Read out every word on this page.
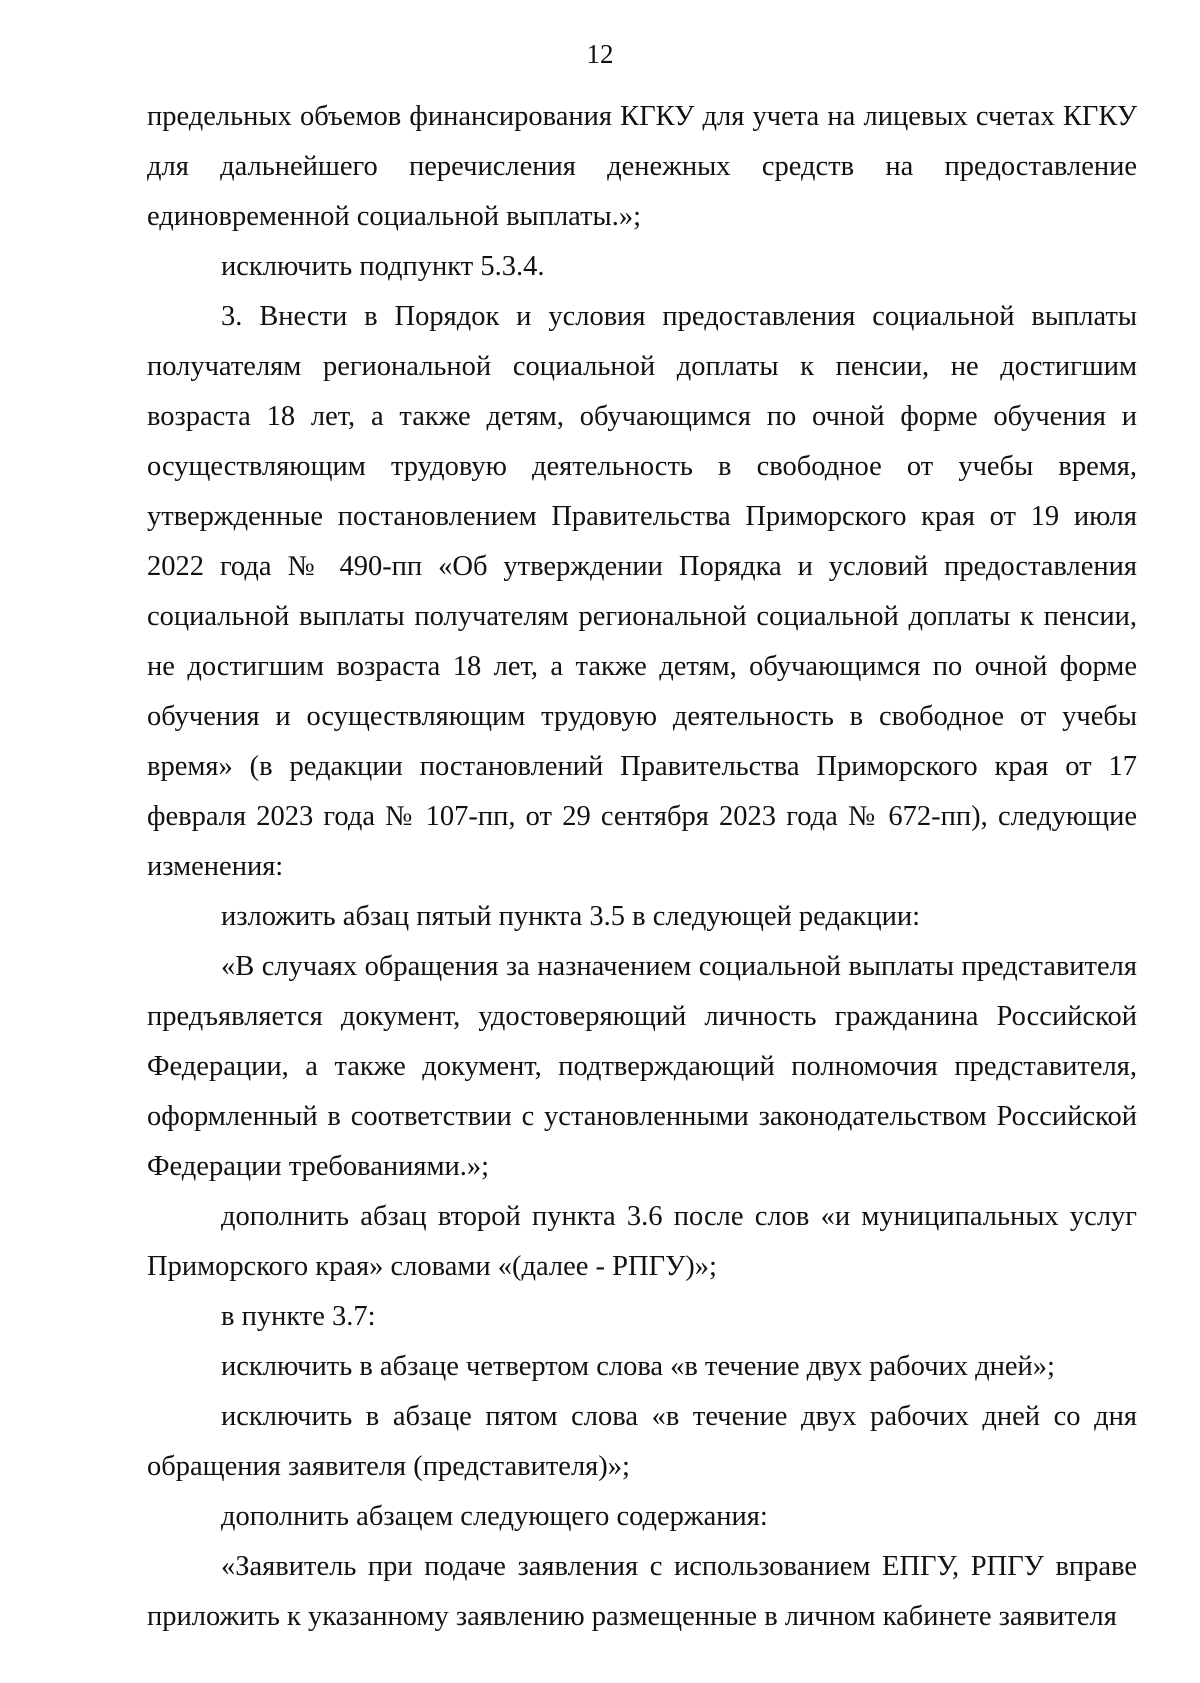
12

предельных объемов финансирования КГКУ для учета на лицевых счетах КГКУ для дальнейшего перечисления денежных средств на предоставление единовременной социальной выплаты.»;

исключить подпункт 5.3.4.

3. Внести в Порядок и условия предоставления социальной выплаты получателям региональной социальной доплаты к пенсии, не достигшим возраста 18 лет, а также детям, обучающимся по очной форме обучения и осуществляющим трудовую деятельность в свободное от учебы время, утвержденные постановлением Правительства Приморского края от 19 июля 2022 года № 490-пп «Об утверждении Порядка и условий предоставления социальной выплаты получателям региональной социальной доплаты к пенсии, не достигшим возраста 18 лет, а также детям, обучающимся по очной форме обучения и осуществляющим трудовую деятельность в свободное от учебы время» (в редакции постановлений Правительства Приморского края от 17 февраля 2023 года № 107-пп, от 29 сентября 2023 года № 672-пп), следующие изменения:

изложить абзац пятый пункта 3.5 в следующей редакции:

«В случаях обращения за назначением социальной выплаты представителя предъявляется документ, удостоверяющий личность гражданина Российской Федерации, а также документ, подтверждающий полномочия представителя, оформленный в соответствии с установленными законодательством Российской Федерации требованиями.»;

дополнить абзац второй пункта 3.6 после слов «и муниципальных услуг Приморского края» словами «(далее - РПГУ)»;

в пункте 3.7:

исключить в абзаце четвертом слова «в течение двух рабочих дней»;

исключить в абзаце пятом слова «в течение двух рабочих дней со дня обращения заявителя (представителя)»;

дополнить абзацем следующего содержания:

«Заявитель при подаче заявления с использованием ЕПГУ, РПГУ вправе приложить к указанному заявлению размещенные в личном кабинете заявителя
